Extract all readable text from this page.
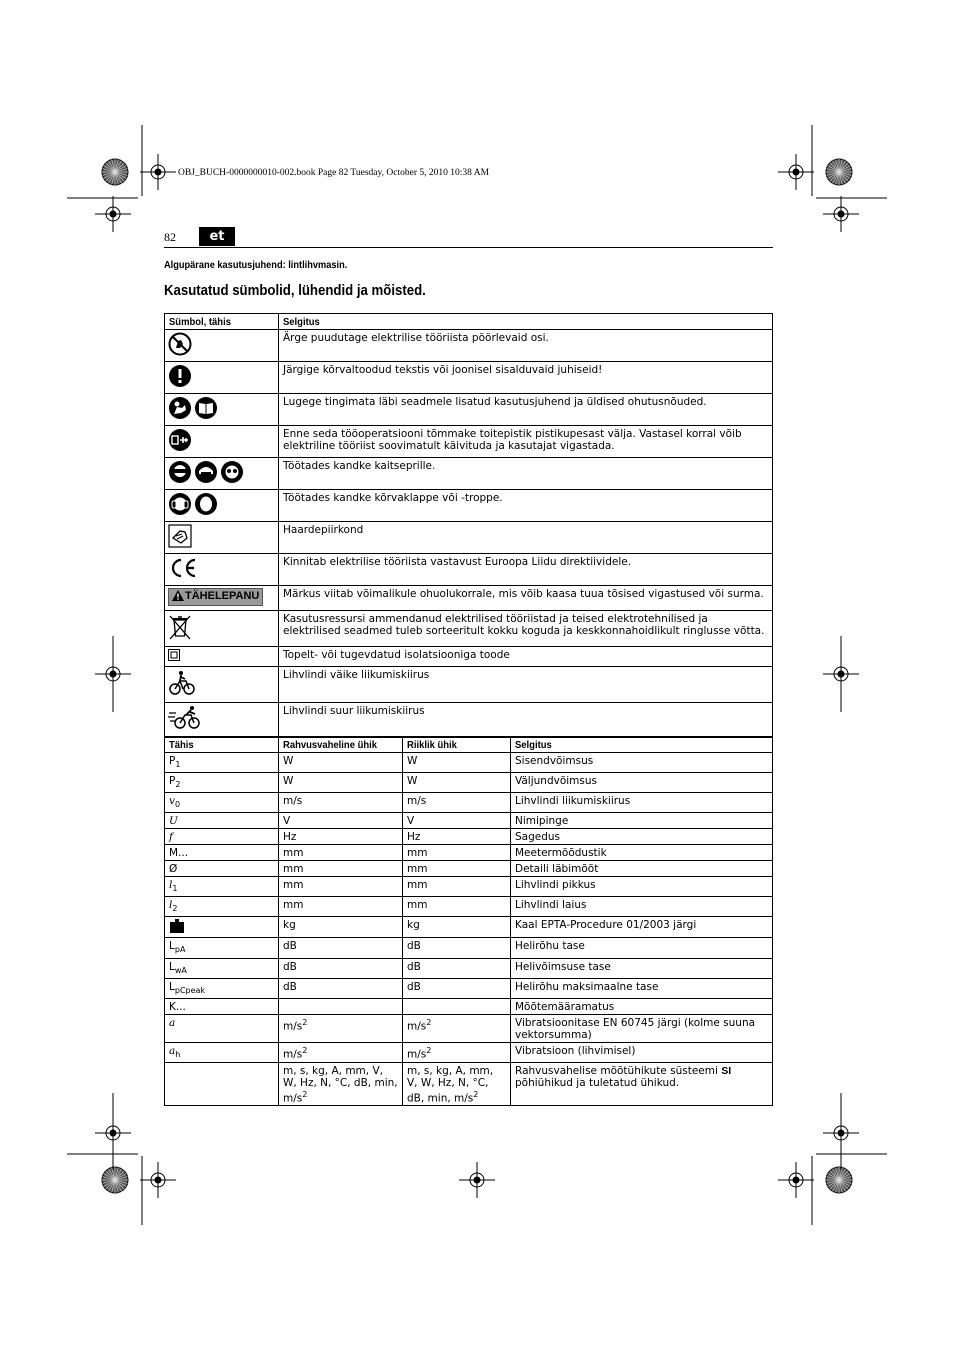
OBJ_BUCH-0000000010-002.book Page 82 Tuesday, October 5, 2010 10:38 AM
82	et
Algupärane kasutusjuhend: lintlihvmasin.
Kasutatud sümbolid, lühendid ja mõisted.
Sümbol, tähis	Selgitus
	Ärge puudutage elektrilise tööriista pöörlevaid osi.
	Järgige kõrvaltoodud tekstis või joonisel sisalduvaid juhiseid!
	Lugege tingimata läbi seadmele lisatud kasutusjuhend ja üldised ohutusnõuded.
	Enne seda tööoperatsiooni tõmmake toitepistik pistikupesast välja. Vastasel korral võib elektriline tööriist soovimatult käivituda ja kasutajat vigastada.
	Töötades kandke kaitseprille.
	Töötades kandke kõrvaklappe või -troppe.
	Haardepiirkond
	Kinnitab elektrilise tööriista vastavust Euroopa Liidu direktiividele.
TÄHELEPANU	Märkus viitab võimalikule ohuolukorrale, mis võib kaasa tuua tõsised vigastused või surma.
	Kasutusressursi ammendanud elektrilised tööriistad ja teised elektrotehnilised ja elektrilised seadmed tuleb sorteeritult kokku koguda ja keskkonnahoidlikult ringlusse võtta.
	Topelt- või tugevdatud isolatsiooniga toode
	Lihvlindi väike liikumiskiirus
	Lihvlindi suur liikumiskiirus
Tähis	Rahvusvaheline ühik	Riiklik ühik	Selgitus
$P_1$	W	W	Sisendvõimsus
$P_2$	W	W	Väljundvõimsus
$v_0$	m/s	m/s	Lihvlindi liikumiskiirus
U	V	V	Nimipinge
f	Hz	Hz	Sagedus
M...	mm	mm	Meetermõõdustik
Ø	mm	mm	Detaili läbimõõt
$l_1$	mm	mm	Lihvlindi pikkus
$l_2$	mm	mm	Lihvlindi laius
	kg	kg	Kaal EPTA-Procedure 01/2003 järgi
$L_{pA}$	dB	dB	Helirõhu tase
$L_{wA}$	dB	dB	Helivõimsuse tase
$L_{pCpeak}$	dB	dB	Helirõhu maksimaalne tase
K...			Mõõtemääramatus
a	$m/s^2$	$m/s^2$	Vibratsioonitase EN 60745 järgi (kolme suuna vektorsumma)
$a_h$	$m/s^2$	$m/s^2$	Vibratsioon (lihvimisel)
	m, s, kg, A, mm, V, W, Hz, N, °C, dB, min, $m/s^2$	m, s, kg, A, mm, V, W, Hz, N, °C, dB, min, $m/s^2$	Rahvusvahelise mõõtühikute süsteemi SI põhiühikud ja tuletatud ühikud.
